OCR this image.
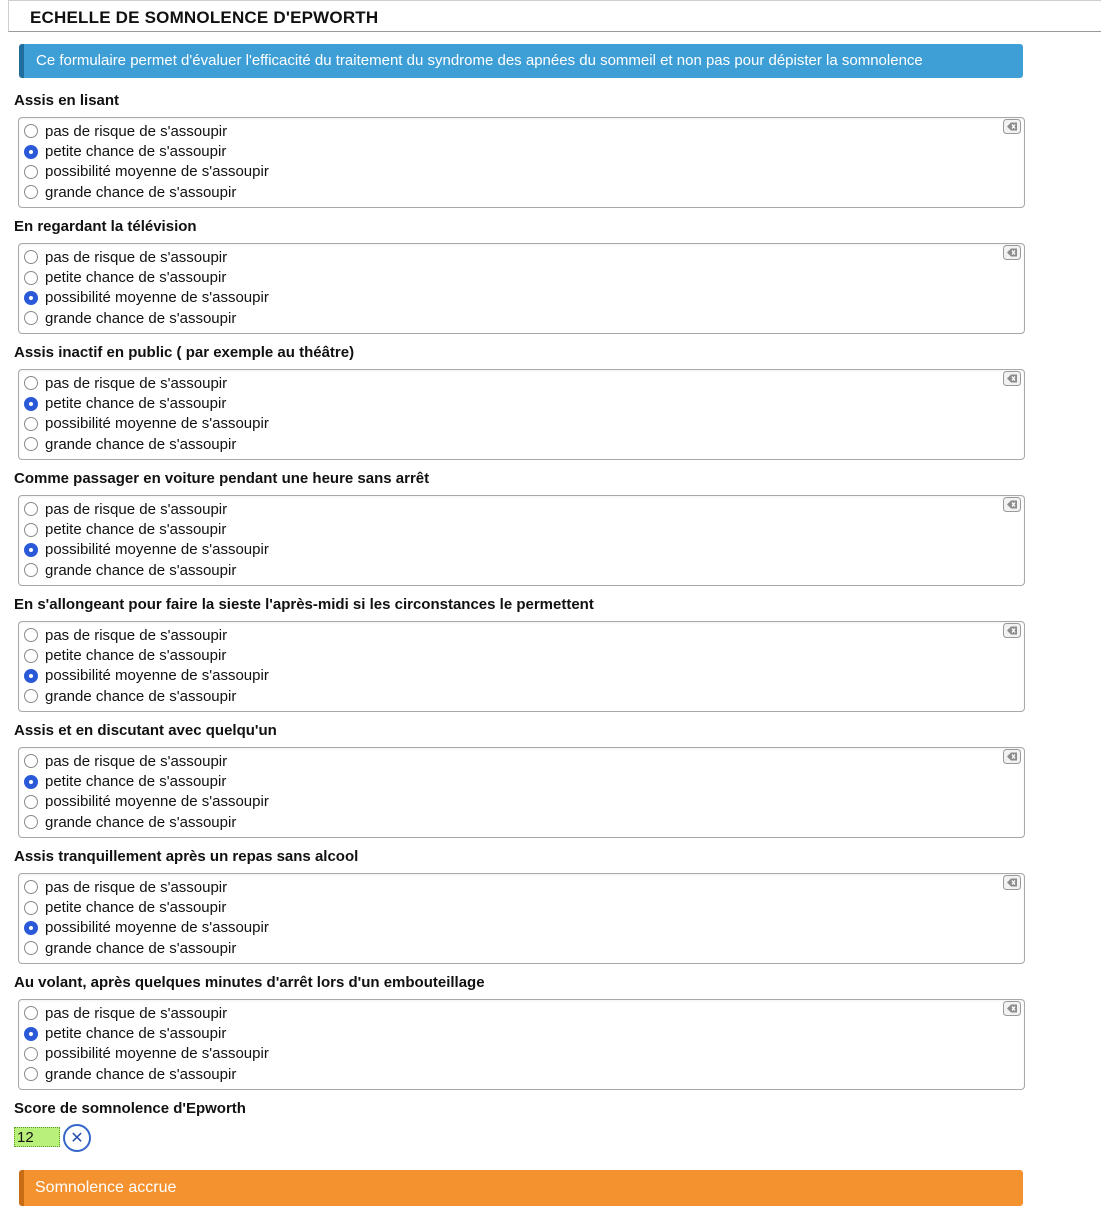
ECHELLE DE SOMNOLENCE D'EPWORTH
Ce formulaire permet d'évaluer l'efficacité du traitement du syndrome des apnées du sommeil et non pas pour dépister la somnolence
Assis en lisant
pas de risque de s'assoupir
petite chance de s'assoupir
possibilité moyenne de s'assoupir
grande chance de s'assoupir
En regardant la télévision
pas de risque de s'assoupir
petite chance de s'assoupir
possibilité moyenne de s'assoupir
grande chance de s'assoupir
Assis inactif en public ( par exemple au théâtre)
pas de risque de s'assoupir
petite chance de s'assoupir
possibilité moyenne de s'assoupir
grande chance de s'assoupir
Comme passager en voiture pendant une heure sans arrêt
pas de risque de s'assoupir
petite chance de s'assoupir
possibilité moyenne de s'assoupir
grande chance de s'assoupir
En s'allongeant pour faire la sieste l'après-midi si les circonstances le permettent
pas de risque de s'assoupir
petite chance de s'assoupir
possibilité moyenne de s'assoupir
grande chance de s'assoupir
Assis et en discutant avec quelqu'un
pas de risque de s'assoupir
petite chance de s'assoupir
possibilité moyenne de s'assoupir
grande chance de s'assoupir
Assis tranquillement après un repas sans alcool
pas de risque de s'assoupir
petite chance de s'assoupir
possibilité moyenne de s'assoupir
grande chance de s'assoupir
Au volant, après quelques minutes d'arrêt lors d'un embouteillage
pas de risque de s'assoupir
petite chance de s'assoupir
possibilité moyenne de s'assoupir
grande chance de s'assoupir
Score de somnolence d'Epworth
12
✕
Somnolence accrue
